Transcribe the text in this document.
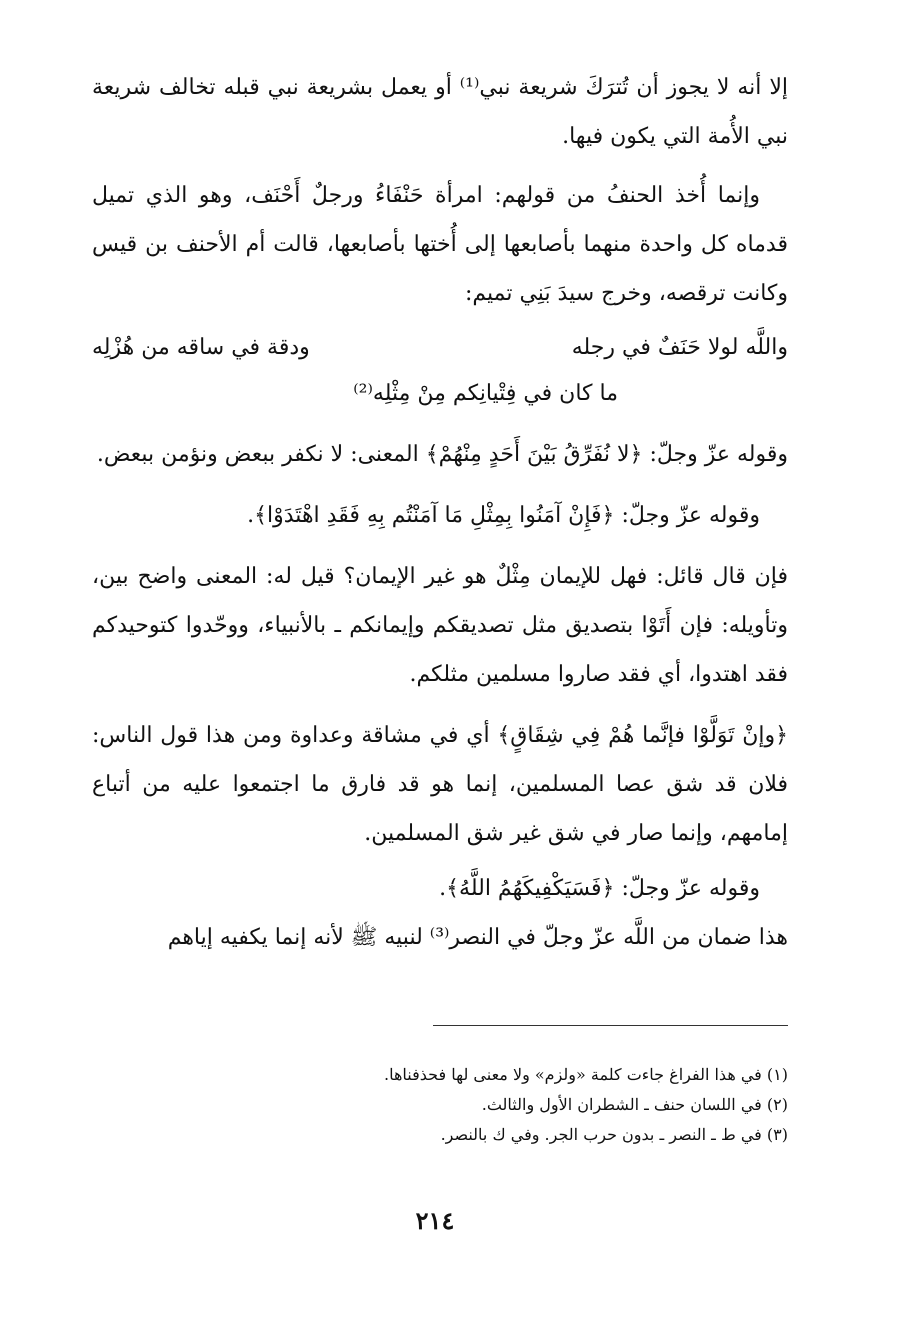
إلا أنه لا يجوز أن تُترَكَ شريعة نبي⁽¹⁾ أو يعمل بشريعة نبي قبله تخالف شريعة نبي الأُمة التي يكون فيها.

وإنما أُخذ الحنفُ من قولهم: امرأة حَنْفَاءُ ورجلٌ أَحْنَف، وهو الذي تميل قدماه كل واحدة منهما بأصابعها إلى أُختها بأصابعها، قالت أم الأحنف بن قيس وكانت ترقصه، وخرج سيدَ بَنِي تميم:

واللَّه لولا حَنَفٌ في رجله
ودقة في ساقه من هُزْلِه
ما كان في فِتْيانِكم مِنْ مِثْلِه⁽²⁾

وقوله عزّ وجلّ: ﴿لا نُفَرِّقُ بَيْنَ أَحَدٍ مِنْهُمْ﴾ المعنى: لا نكفر ببعض ونؤمن ببعض.

وقوله عزّ وجلّ: ﴿فَإِنْ آمَنُوا بِمِثْلِ مَا آمَنْتُم بِهِ فَقَدِ اهْتَدَوْا﴾.

فإن قال قائل: فهل للإيمان مِثْلٌ هو غير الإيمان؟ قيل له: المعنى واضح بين، وتأويله: فإن أَتَوْا بتصديق مثل تصديقكم وإيمانكم ـ بالأنبياء، ووحّدوا كتوحيدكم فقد اهتدوا، أي فقد صاروا مسلمين مثلكم.

﴿وإنْ تَوَلَّوْا فإنَّما هُمْ فِي شِقَاقٍ﴾ أي في مشاقة وعداوة ومن هذا قول الناس: فلان قد شق عصا المسلمين، إنما هو قد فارق ما اجتمعوا عليه من أتباع إمامهم، وإنما صار في شق غير شق المسلمين.

وقوله عزّ وجلّ: ﴿فَسَيَكْفِيكَهُمُ اللَّهُ﴾.

هذا ضمان من اللَّه عزّ وجلّ في النصر⁽³⁾ لنبيه ﷺ لأنه إنما يكفيه إياهم

(١) في هذا الفراغ جاءت كلمة «ولزم» ولا معنى لها فحذفناها.

(٢) في اللسان حنف ـ الشطران الأول والثالث.

(٣) في ط ـ النصر ـ بدون حرب الجر. وفي ك بالنصر.

٢١٤
